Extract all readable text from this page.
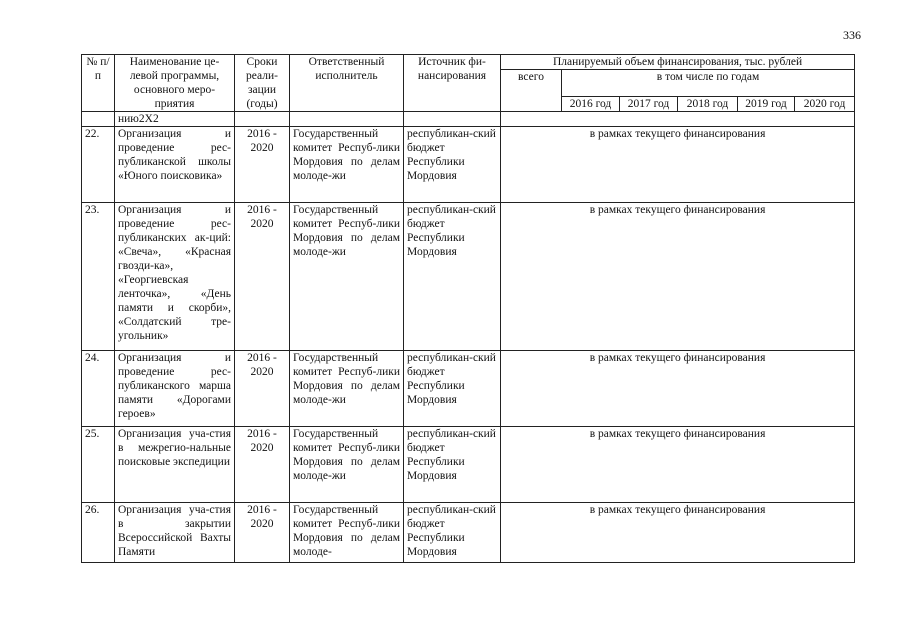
336
№ п/п	Наименование це-левой программы, основного меро-приятия	Сроки реали-зации (годы)	Ответственный исполнитель	Источник фи-нансирования	Планируемый объем финансирования, тыс. рублей					
					всего	в том числе по годам				
						2016 год	2017 год	2018 год	2019 год	2020 год
	нию2X2									
22.	Организация и проведение рес-публиканской школы «Юного поисковика»	2016 - 2020	Государственный комитет Респуб-лики Мордовия по делам молоде-жи	республикан-ский бюджет Республики Мордовия	в рамках текущего финансирования					
23.	Организация и проведение рес-публиканских ак-ций: «Свеча», «Красная гвозди-ка», «Георгиевская ленточка», «День памяти и скорби», «Солдатский тре-угольник»	2016 - 2020	Государственный комитет Респуб-лики Мордовия по делам молоде-жи	республикан-ский бюджет Республики Мордовия	в рамках текущего финансирования					
24.	Организация и проведение рес-публиканского марша памяти «Дорогами героев»	2016 - 2020	Государственный комитет Респуб-лики Мордовия по делам молоде-жи	республикан-ский бюджет Республики Мордовия	в рамках текущего финансирования					
25.	Организация уча-стия в межрегио-нальные поисковые экспедиции	2016 - 2020	Государственный комитет Респуб-лики Мордовия по делам молоде-жи	республикан-ский бюджет Республики Мордовия	в рамках текущего финансирования					
26.	Организация уча-стия в закрытии Всероссийской Вахты Памяти	2016 - 2020	Государственный комитет Респуб-лики Мордовия по делам молоде-	республикан-ский бюджет Республики Мордовия	в рамках текущего финансирования					
